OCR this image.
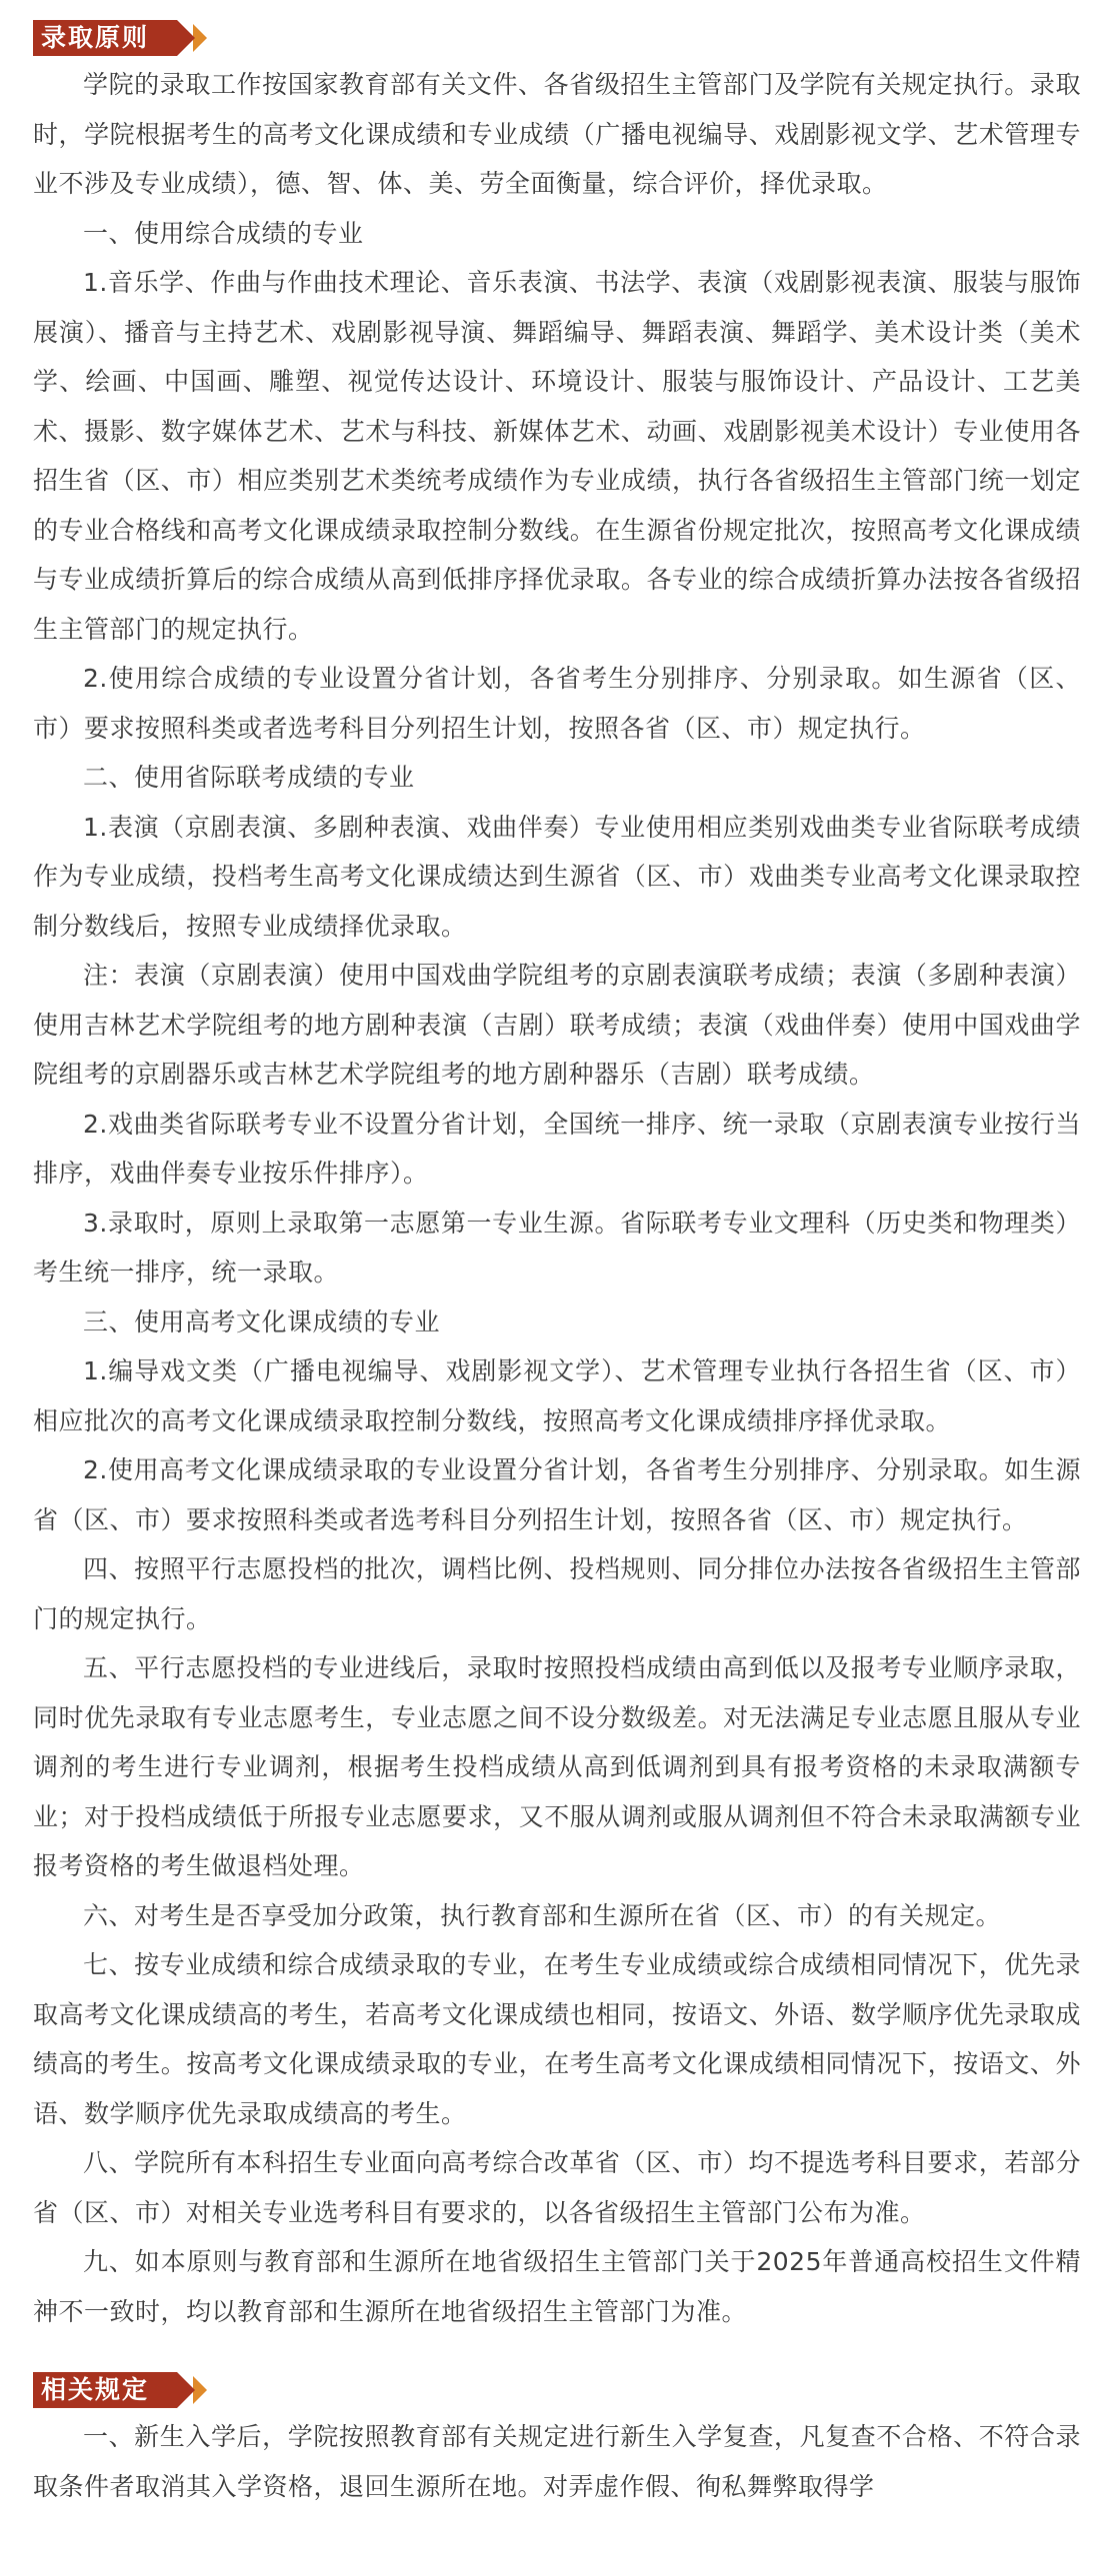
录取原则

学院的录取工作按国家教育部有关文件、各省级招生主管部门及学院有关规定执行。录取时，学院根据考生的高考文化课成绩和专业成绩（广播电视编导、戏剧影视文学、艺术管理专业不涉及专业成绩），德、智、体、美、劳全面衡量，综合评价，择优录取。

一、使用综合成绩的专业

1.音乐学、作曲与作曲技术理论、音乐表演、书法学、表演（戏剧影视表演、服装与服饰展演）、播音与主持艺术、戏剧影视导演、舞蹈编导、舞蹈表演、舞蹈学、美术设计类（美术学、绘画、中国画、雕塑、视觉传达设计、环境设计、服装与服饰设计、产品设计、工艺美术、摄影、数字媒体艺术、艺术与科技、新媒体艺术、动画、戏剧影视美术设计）专业使用各招生省（区、市）相应类别艺术类统考成绩作为专业成绩，执行各省级招生主管部门统一划定的专业合格线和高考文化课成绩录取控制分数线。在生源省份规定批次，按照高考文化课成绩与专业成绩折算后的综合成绩从高到低排序择优录取。各专业的综合成绩折算办法按各省级招生主管部门的规定执行。

2.使用综合成绩的专业设置分省计划，各省考生分别排序、分别录取。如生源省（区、市）要求按照科类或者选考科目分列招生计划，按照各省（区、市）规定执行。

二、使用省际联考成绩的专业

1.表演（京剧表演、多剧种表演、戏曲伴奏）专业使用相应类别戏曲类专业省际联考成绩作为专业成绩，投档考生高考文化课成绩达到生源省（区、市）戏曲类专业高考文化课录取控制分数线后，按照专业成绩择优录取。

注：表演（京剧表演）使用中国戏曲学院组考的京剧表演联考成绩；表演（多剧种表演）使用吉林艺术学院组考的地方剧种表演（吉剧）联考成绩；表演（戏曲伴奏）使用中国戏曲学院组考的京剧器乐或吉林艺术学院组考的地方剧种器乐（吉剧）联考成绩。

2.戏曲类省际联考专业不设置分省计划，全国统一排序、统一录取（京剧表演专业按行当排序，戏曲伴奏专业按乐件排序）。

3.录取时，原则上录取第一志愿第一专业生源。省际联考专业文理科（历史类和物理类）考生统一排序，统一录取。

三、使用高考文化课成绩的专业

1.编导戏文类（广播电视编导、戏剧影视文学）、艺术管理专业执行各招生省（区、市）相应批次的高考文化课成绩录取控制分数线，按照高考文化课成绩排序择优录取。

2.使用高考文化课成绩录取的专业设置分省计划，各省考生分别排序、分别录取。如生源省（区、市）要求按照科类或者选考科目分列招生计划，按照各省（区、市）规定执行。

四、按照平行志愿投档的批次，调档比例、投档规则、同分排位办法按各省级招生主管部门的规定执行。

五、平行志愿投档的专业进线后，录取时按照投档成绩由高到低以及报考专业顺序录取，同时优先录取有专业志愿考生，专业志愿之间不设分数级差。对无法满足专业志愿且服从专业调剂的考生进行专业调剂，根据考生投档成绩从高到低调剂到具有报考资格的未录取满额专业；对于投档成绩低于所报专业志愿要求，又不服从调剂或服从调剂但不符合未录取满额专业报考资格的考生做退档处理。

六、对考生是否享受加分政策，执行教育部和生源所在省（区、市）的有关规定。

七、按专业成绩和综合成绩录取的专业，在考生专业成绩或综合成绩相同情况下，优先录取高考文化课成绩高的考生，若高考文化课成绩也相同，按语文、外语、数学顺序优先录取成绩高的考生。按高考文化课成绩录取的专业，在考生高考文化课成绩相同情况下，按语文、外语、数学顺序优先录取成绩高的考生。

八、学院所有本科招生专业面向高考综合改革省（区、市）均不提选考科目要求，若部分省（区、市）对相关专业选考科目有要求的，以各省级招生主管部门公布为准。

九、如本原则与教育部和生源所在地省级招生主管部门关于2025年普通高校招生文件精神不一致时，均以教育部和生源所在地省级招生主管部门为准。

相关规定

一、新生入学后，学院按照教育部有关规定进行新生入学复查，凡复查不合格、不符合录取条件者取消其入学资格，退回生源所在地。对弄虚作假、徇私舞弊取得学
